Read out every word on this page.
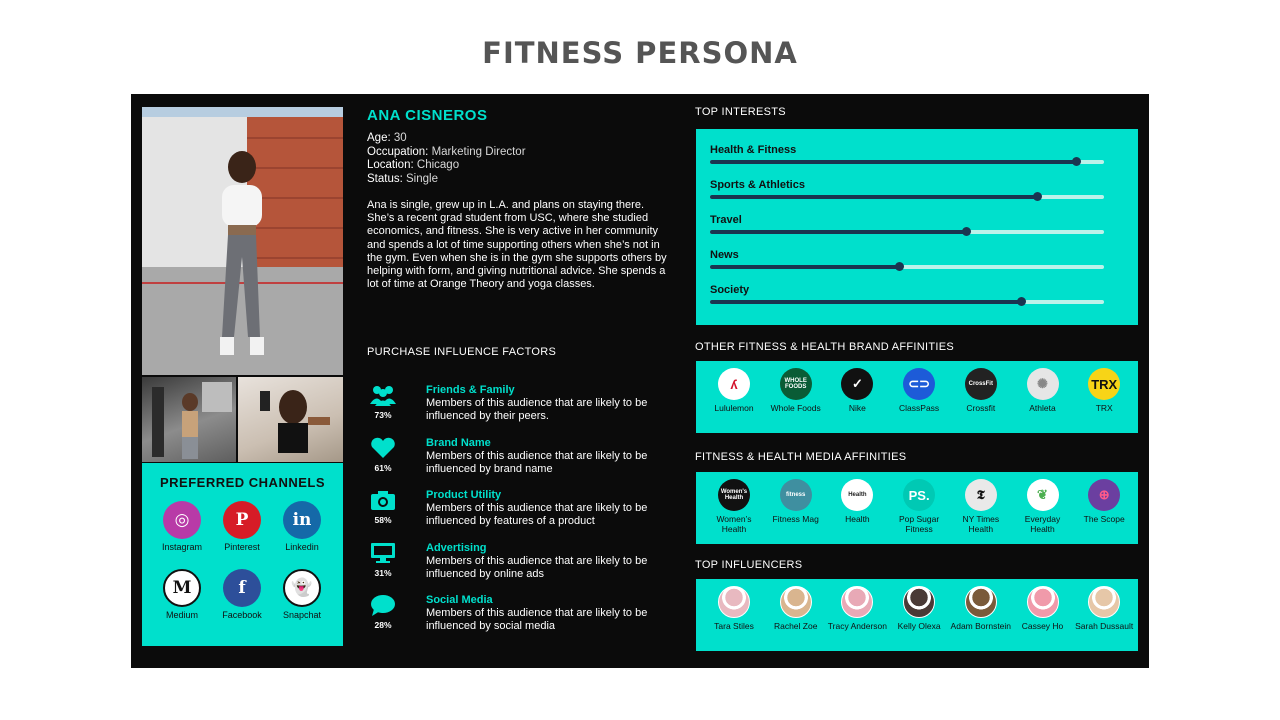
FITNESS PERSONA
PREFERRED CHANNELS
◎
Instagram
P
Pinterest
in
Linkedin
M
Medium
f
Facebook
👻
Snapchat
ANA CISNEROS
Age: 30
Occupation: Marketing Director
Location: Chicago
Status: Single
Ana is single, grew up in L.A. and plans on staying there. She’s a recent grad student from USC, where she studied economics, and fitness. She is very active in her community and spends a lot of time supporting others when she’s not in the gym. Even when she is in the gym she supports others by helping with form, and giving nutritional advice. She spends a lot of time at Orange Theory and yoga classes.
PURCHASE INFLUENCE FACTORS
73%
Friends & Family
Members of this audience that are likely to be influenced by their peers.
61%
Brand Name
Members of this audience that are likely to be influenced by brand name
58%
Product Utility
Members of this audience that are likely to be influenced by features of a product
31%
Advertising
Members of this audience that are likely to be influenced by online ads
28%
Social Media
Members of this audience that are likely to be influenced by social media
TOP INTERESTS
Health & Fitness
Sports & Athletics
Travel
News
Society
OTHER FITNESS & HEALTH BRAND AFFINITIES
ʎ
Lululemon
WHOLE FOODS
Whole Foods
✓
Nike
⊂⊃
ClassPass
CrossFit
Crossfit
✺
Athleta
TRX
TRX
FITNESS & HEALTH MEDIA AFFINITIES
Women's Health
Women’s Health
fitness
Fitness Mag
Health
Health
PS.
Pop Sugar Fitness
𝕿
NY Times Health
❦
Everyday Health
⊕
The Scope
TOP INFLUENCERS
Tara Stiles	Rachel Zoe	Tracy Anderson	Kelly Olexa	Adam Bornstein	Cassey Ho	Sarah Dussault
